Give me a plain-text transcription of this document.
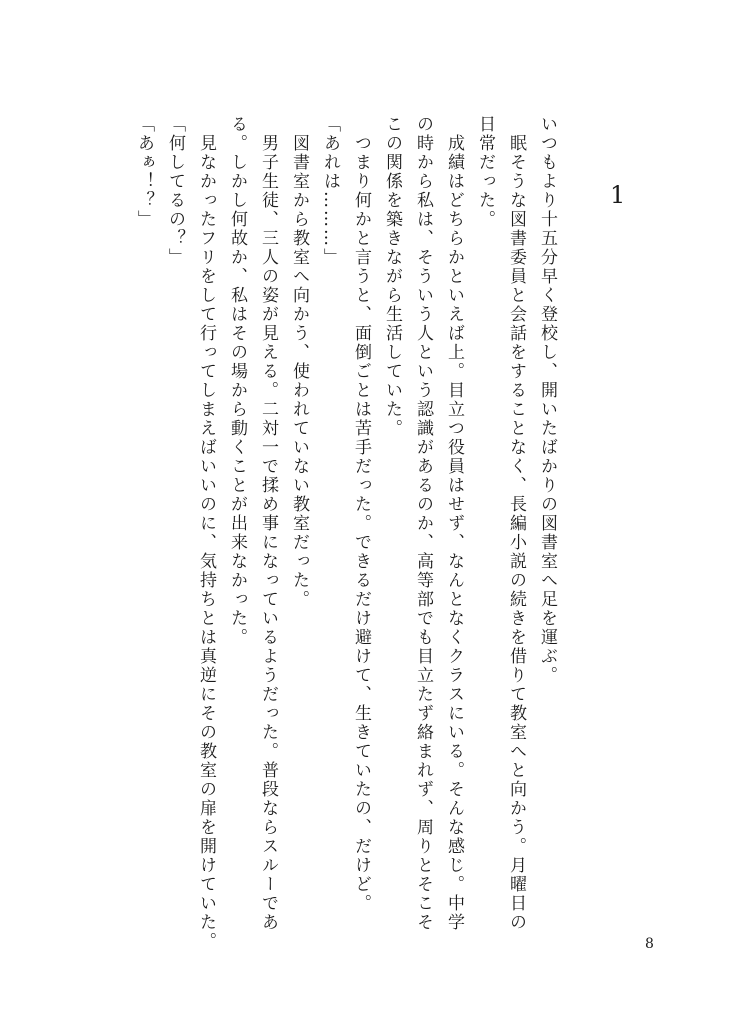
1
いつもより十五分早く登校し、開いたばかりの図書室へ足を運ぶ。
　眠そうな図書委員と会話をすることなく、長編小説の続きを借りて教室へと向かう。月曜日の
日常だった。
　成績はどちらかといえば上。目立つ役員はせず、なんとなくクラスにいる。そんな感じ。中学
の時から私は、そういう人という認識があるのか、高等部でも目立たず絡まれず、周りとそこそ
この関係を築きながら生活していた。
　つまり何かと言うと、面倒ごとは苦手だった。できるだけ避けて、生きていたの、だけど。
「あれは………」
　図書室から教室へ向かう、使われていない教室だった。
　男子生徒、三人の姿が見える。二対一で揉め事になっているようだった。普段ならスルーであ
る。しかし何故か、私はその場から動くことが出来なかった。
　見なかったフリをして行ってしまえばいいのに、気持ちとは真逆にその教室の扉を開けていた。
「何してるの？」
「あぁ！？」
8
